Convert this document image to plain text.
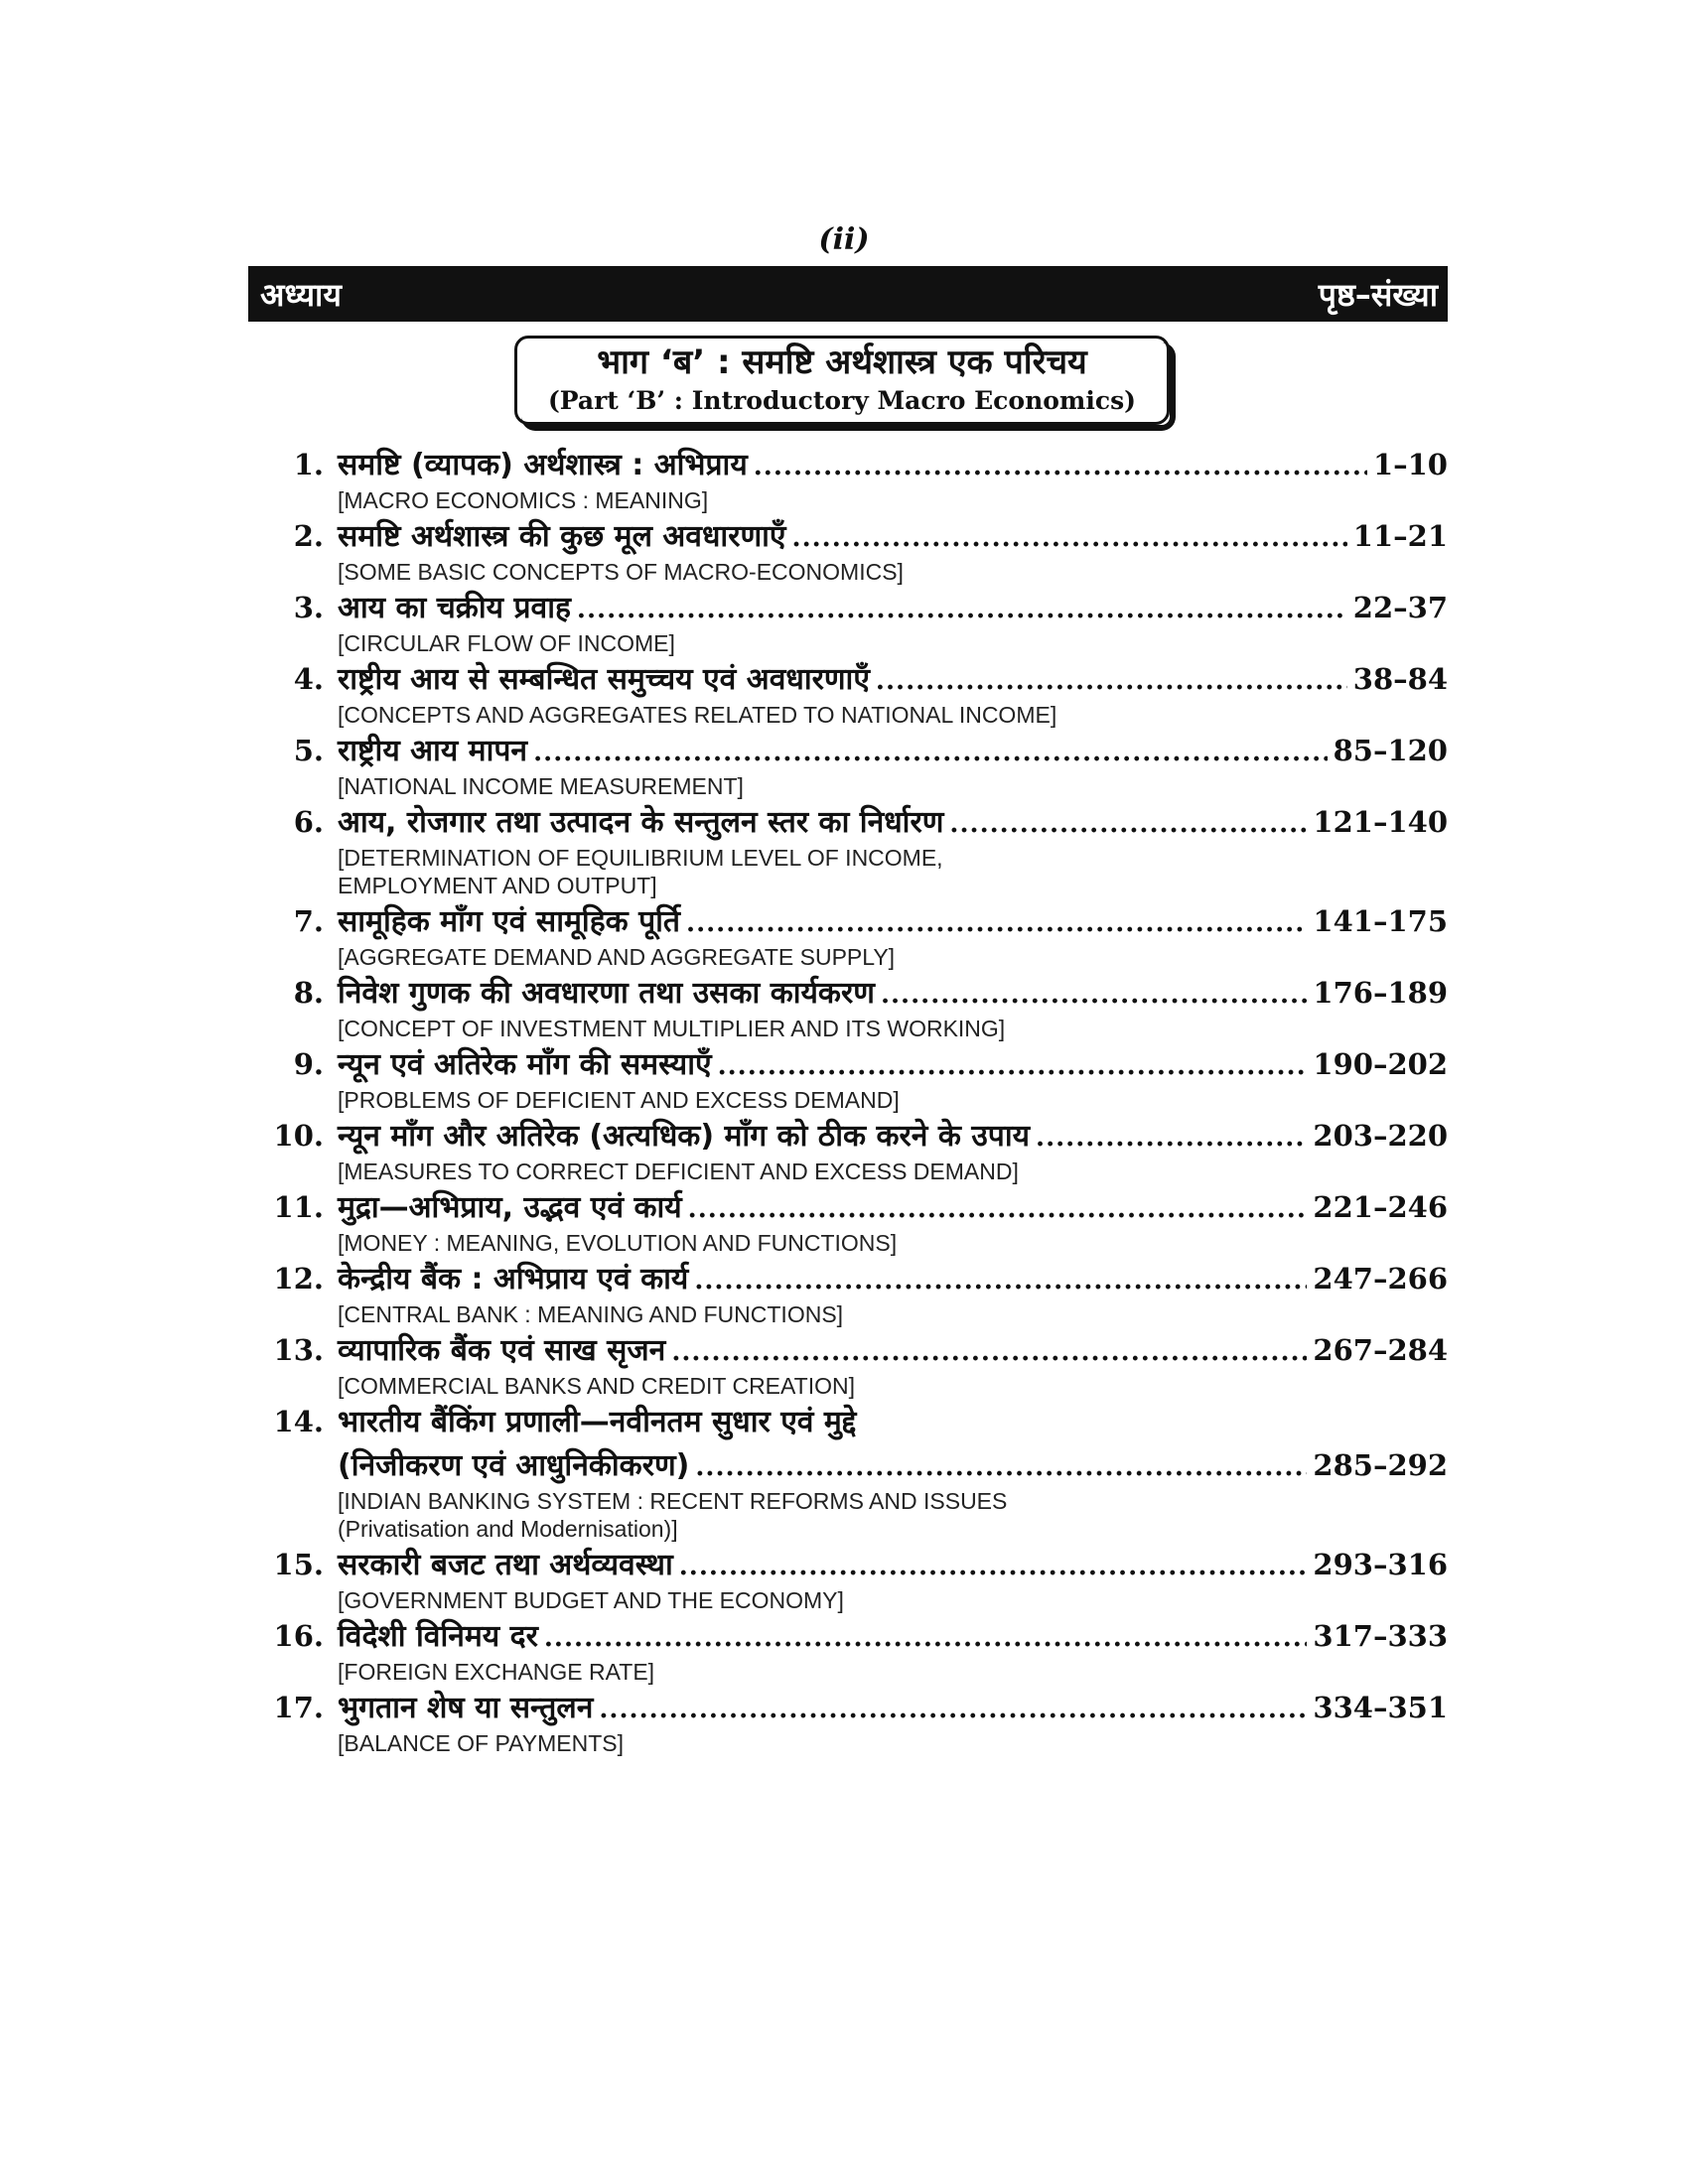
(ii)
अध्याय	पृष्ठ–संख्या
भाग ‘ब’ : समष्टि अर्थशास्त्र एक परिचय
(Part ‘B’ : Introductory Macro Economics)
1. समष्टि (व्यापक) अर्थशास्त्र : अभिप्राय .....	1–10
[MACRO ECONOMICS : MEANING]
2. समष्टि अर्थशास्त्र की कुछ मूल अवधारणाएँ .....	11–21
[SOME BASIC CONCEPTS OF MACRO-ECONOMICS]
3. आय का चक्रीय प्रवाह .....	22–37
[CIRCULAR FLOW OF INCOME]
4. राष्ट्रीय आय से सम्बन्धित समुच्चय एवं अवधारणाएँ .....	38–84
[CONCEPTS AND AGGREGATES RELATED TO NATIONAL INCOME]
5. राष्ट्रीय आय मापन .....	85–120
[NATIONAL INCOME MEASUREMENT]
6. आय, रोजगार तथा उत्पादन के सन्तुलन स्तर का निर्धारण .....	121–140
[DETERMINATION OF EQUILIBRIUM LEVEL OF INCOME,
EMPLOYMENT AND OUTPUT]
7. सामूहिक माँग एवं सामूहिक पूर्ति .....	141–175
[AGGREGATE DEMAND AND AGGREGATE SUPPLY]
8. निवेश गुणक की अवधारणा तथा उसका कार्यकरण .....	176–189
[CONCEPT OF INVESTMENT MULTIPLIER AND ITS WORKING]
9. न्यून एवं अतिरेक माँग की समस्याएँ .....	190–202
[PROBLEMS OF DEFICIENT AND EXCESS DEMAND]
10. न्यून माँग और अतिरेक (अत्यधिक) माँग को ठीक करने के उपाय .....	203–220
[MEASURES TO CORRECT DEFICIENT AND EXCESS DEMAND]
11. मुद्रा—अभिप्राय, उद्भव एवं कार्य .....	221–246
[MONEY : MEANING, EVOLUTION AND FUNCTIONS]
12. केन्द्रीय बैंक : अभिप्राय एवं कार्य .....	247–266
[CENTRAL BANK : MEANING AND FUNCTIONS]
13. व्यापारिक बैंक एवं साख सृजन .....	267–284
[COMMERCIAL BANKS AND CREDIT CREATION]
14. भारतीय बैंकिंग प्रणाली—नवीनतम सुधार एवं मुद्दे
(निजीकरण एवं आधुनिकीकरण) .....	285–292
[INDIAN BANKING SYSTEM : RECENT REFORMS AND ISSUES
(Privatisation and Modernisation)]
15. सरकारी बजट तथा अर्थव्यवस्था .....	293–316
[GOVERNMENT BUDGET AND THE ECONOMY]
16. विदेशी विनिमय दर .....	317–333
[FOREIGN EXCHANGE RATE]
17. भुगतान शेष या सन्तुलन .....	334–351
[BALANCE OF PAYMENTS]
